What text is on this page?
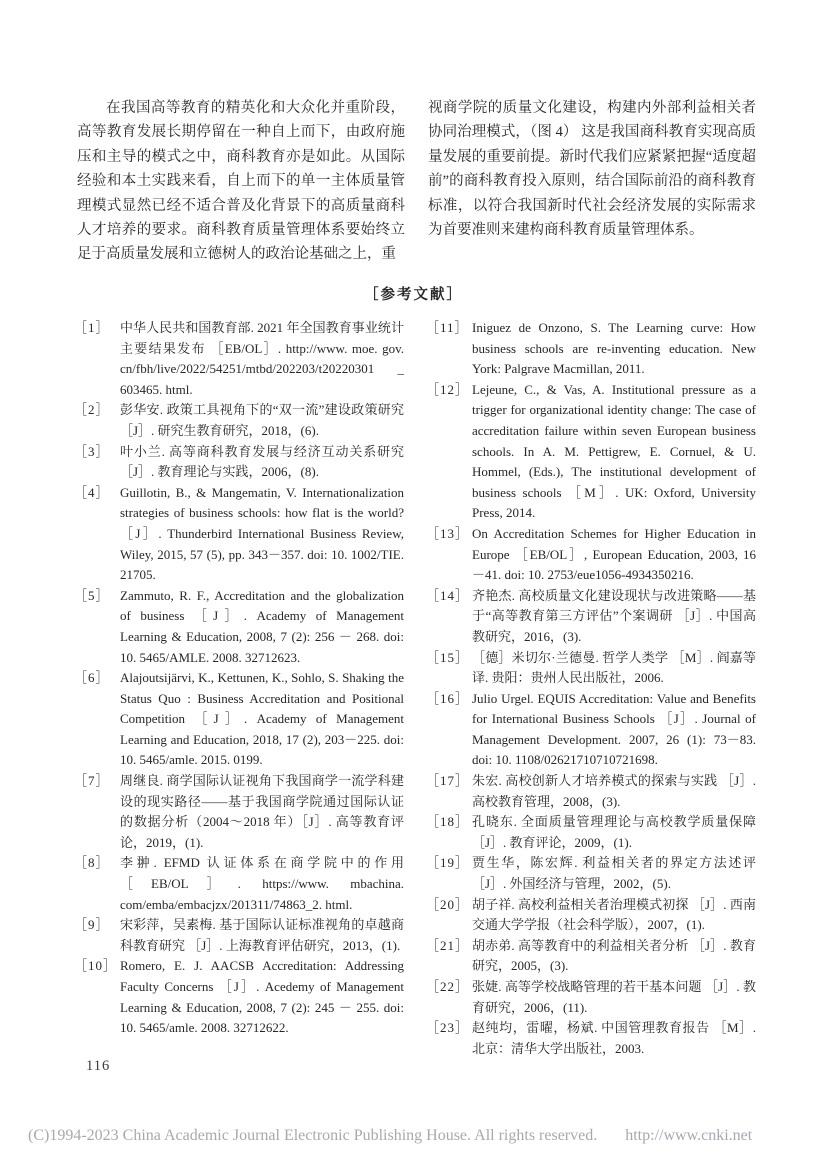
在我国高等教育的精英化和大众化并重阶段，高等教育发展长期停留在一种自上而下，由政府施压和主导的模式之中，商科教育亦是如此。从国际经验和本土实践来看，自上而下的单一主体质量管理模式显然已经不适合普及化背景下的高质量商科人才培养的要求。商科教育质量管理体系要始终立足于高质量发展和立德树人的政治论基础之上，重

视商学院的质量文化建设，构建内外部利益相关者协同治理模式，（图 4） 这是我国商科教育实现高质量发展的重要前提。新时代我们应紧紧把握“适度超前”的商科教育投入原则，结合国际前沿的商科教育标准，以符合我国新时代社会经济发展的实际需求为首要准则来建构商科教育质量管理体系。

［参考文献］
［1］ 中华人民共和国教育部. 2021 年全国教育事业统计主要结果发布 ［EB/OL］. http://www. moe. gov. cn/fbh/live/2022/54251/mtbd/202203/t20220301 _ 603465. html.
［2］ 彭华安. 政策工具视角下的“双一流”建设政策研究 ［J］. 研究生教育研究，2018，(6).
［3］ 叶小兰. 高等商科教育发展与经济互动关系研究 ［J］. 教育理论与实践，2006，(8).
［4］ Guillotin, B., & Mangematin, V. Internationalization strategies of business schools: how flat is the world? ［J］. Thunderbird International Business Review, Wiley, 2015, 57 (5), pp. 343－357. doi: 10. 1002/TIE. 21705.
［5］ Zammuto, R. F., Accreditation and the globalization of business ［J］. Academy of Management Learning & Education, 2008, 7 (2): 256 － 268. doi: 10. 5465/AMLE. 2008. 32712623.
［6］ Alajoutsijärvi, K., Kettunen, K., Sohlo, S. Shaking the Status Quo : Business Accreditation and Positional Competition ［J］. Academy of Management Learning and Education, 2018, 17 (2), 203－225. doi: 10. 5465/amle. 2015. 0199.
［7］ 周继良. 商学国际认证视角下我国商学一流学科建设的现实路径——基于我国商学院通过国际认证的数据分析（2004～2018 年）［J］. 高等教育评论，2019，(1).
［8］ 李翀. EFMD 认证体系在商学院中的作用 ［EB/OL］. https://www. mbachina. com/emba/embacjzx/201311/74863_2. html.
［9］ 宋彩萍，吴素梅. 基于国际认证标准视角的卓越商科教育研究 ［J］. 上海教育评估研究，2013，(1).
［10］ Romero, E. J. AACSB Accreditation: Addressing Faculty Concerns ［J］. Acedemy of Management Learning & Education, 2008, 7 (2): 245 － 255. doi: 10. 5465/amle. 2008. 32712622.
［11］ Iniguez de Onzono, S. The Learning curve: How business schools are re-inventing education. New York: Palgrave Macmillan, 2011.
［12］ Lejeune, C., & Vas, A. Institutional pressure as a trigger for organizational identity change: The case of accreditation failure within seven European business schools. In A. M. Pettigrew, E. Cornuel, & U. Hommel, (Eds.), The institutional development of business schools ［M］. UK: Oxford, University Press, 2014.
［13］ On Accreditation Schemes for Higher Education in Europe ［EB/OL］, European Education, 2003, 16 －41. doi: 10. 2753/eue1056-4934350216.
［14］ 齐艳杰. 高校质量文化建设现状与改进策略——基于“高等教育第三方评估”个案调研 ［J］. 中国高教研究，2016，(3).
［15］ ［德］米切尔·兰德曼. 哲学人类学 ［M］. 阎嘉等译. 贵阳：贵州人民出版社，2006.
［16］ Julio Urgel. EQUIS Accreditation: Value and Benefits for International Business Schools ［J］. Journal of Management Development. 2007, 26 (1): 73－83. doi: 10. 1108/02621710710721698.
［17］ 朱宏. 高校创新人才培养模式的探索与实践 ［J］. 高校教育管理，2008，(3).
［18］ 孔晓东. 全面质量管理理论与高校教学质量保障 ［J］. 教育评论，2009，(1).
［19］ 贾生华，陈宏辉. 利益相关者的界定方法述评 ［J］. 外国经济与管理，2002，(5).
［20］ 胡子祥. 高校利益相关者治理模式初探 ［J］. 西南交通大学学报（社会科学版），2007，(1).
［21］ 胡赤弟. 高等教育中的利益相关者分析 ［J］. 教育研究，2005，(3).
［22］ 张婕. 高等学校战略管理的若干基本问题 ［J］. 教育研究，2006，(11).
［23］ 赵纯均，雷曜，杨斌. 中国管理教育报告 ［M］. 北京：清华大学出版社，2003.
116
(C)1994-2023 China Academic Journal Electronic Publishing House. All rights reserved. http://www.cnki.net
